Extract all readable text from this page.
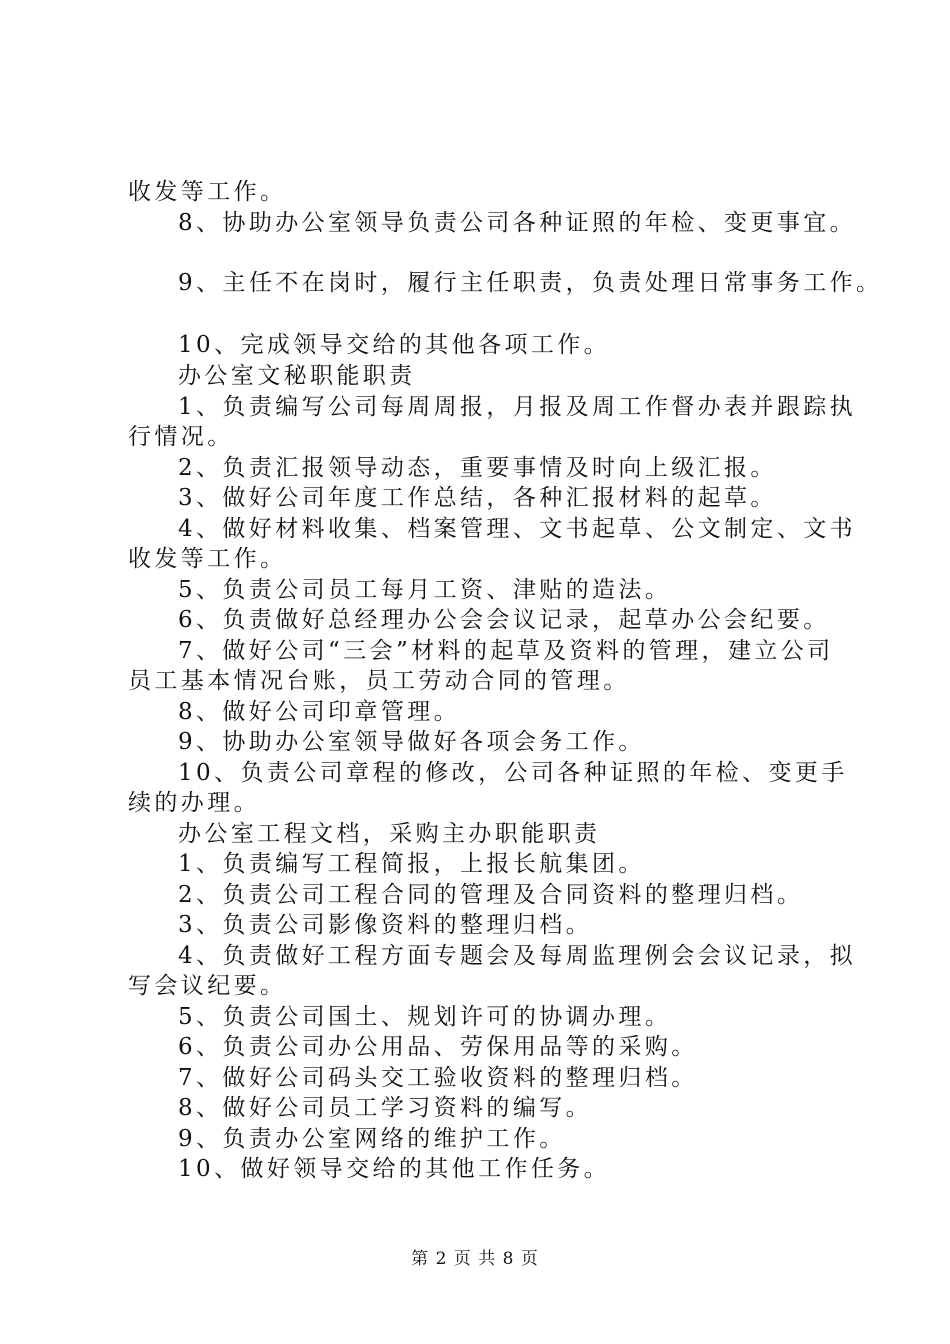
收发等工作。
8、协助办公室领导负责公司各种证照的年检、变更事宜。
9、主任不在岗时，履行主任职责，负责处理日常事务工作。
10、完成领导交给的其他各项工作。
办公室文秘职能职责
1、负责编写公司每周周报，月报及周工作督办表并跟踪执
行情况。
2、负责汇报领导动态，重要事情及时向上级汇报。
3、做好公司年度工作总结，各种汇报材料的起草。
4、做好材料收集、档案管理、文书起草、公文制定、文书
收发等工作。
5、负责公司员工每月工资、津贴的造法。
6、负责做好总经理办公会会议记录，起草办公会纪要。
7、做好公司“三会”材料的起草及资料的管理，建立公司
员工基本情况台账，员工劳动合同的管理。
8、做好公司印章管理。
9、协助办公室领导做好各项会务工作。
10、负责公司章程的修改，公司各种证照的年检、变更手
续的办理。
办公室工程文档，采购主办职能职责
1、负责编写工程简报，上报长航集团。
2、负责公司工程合同的管理及合同资料的整理归档。
3、负责公司影像资料的整理归档。
4、负责做好工程方面专题会及每周监理例会会议记录，拟
写会议纪要。
5、负责公司国土、规划许可的协调办理。
6、负责公司办公用品、劳保用品等的采购。
7、做好公司码头交工验收资料的整理归档。
8、做好公司员工学习资料的编写。
9、负责办公室网络的维护工作。
10、做好领导交给的其他工作任务。
第 2 页 共 8 页
